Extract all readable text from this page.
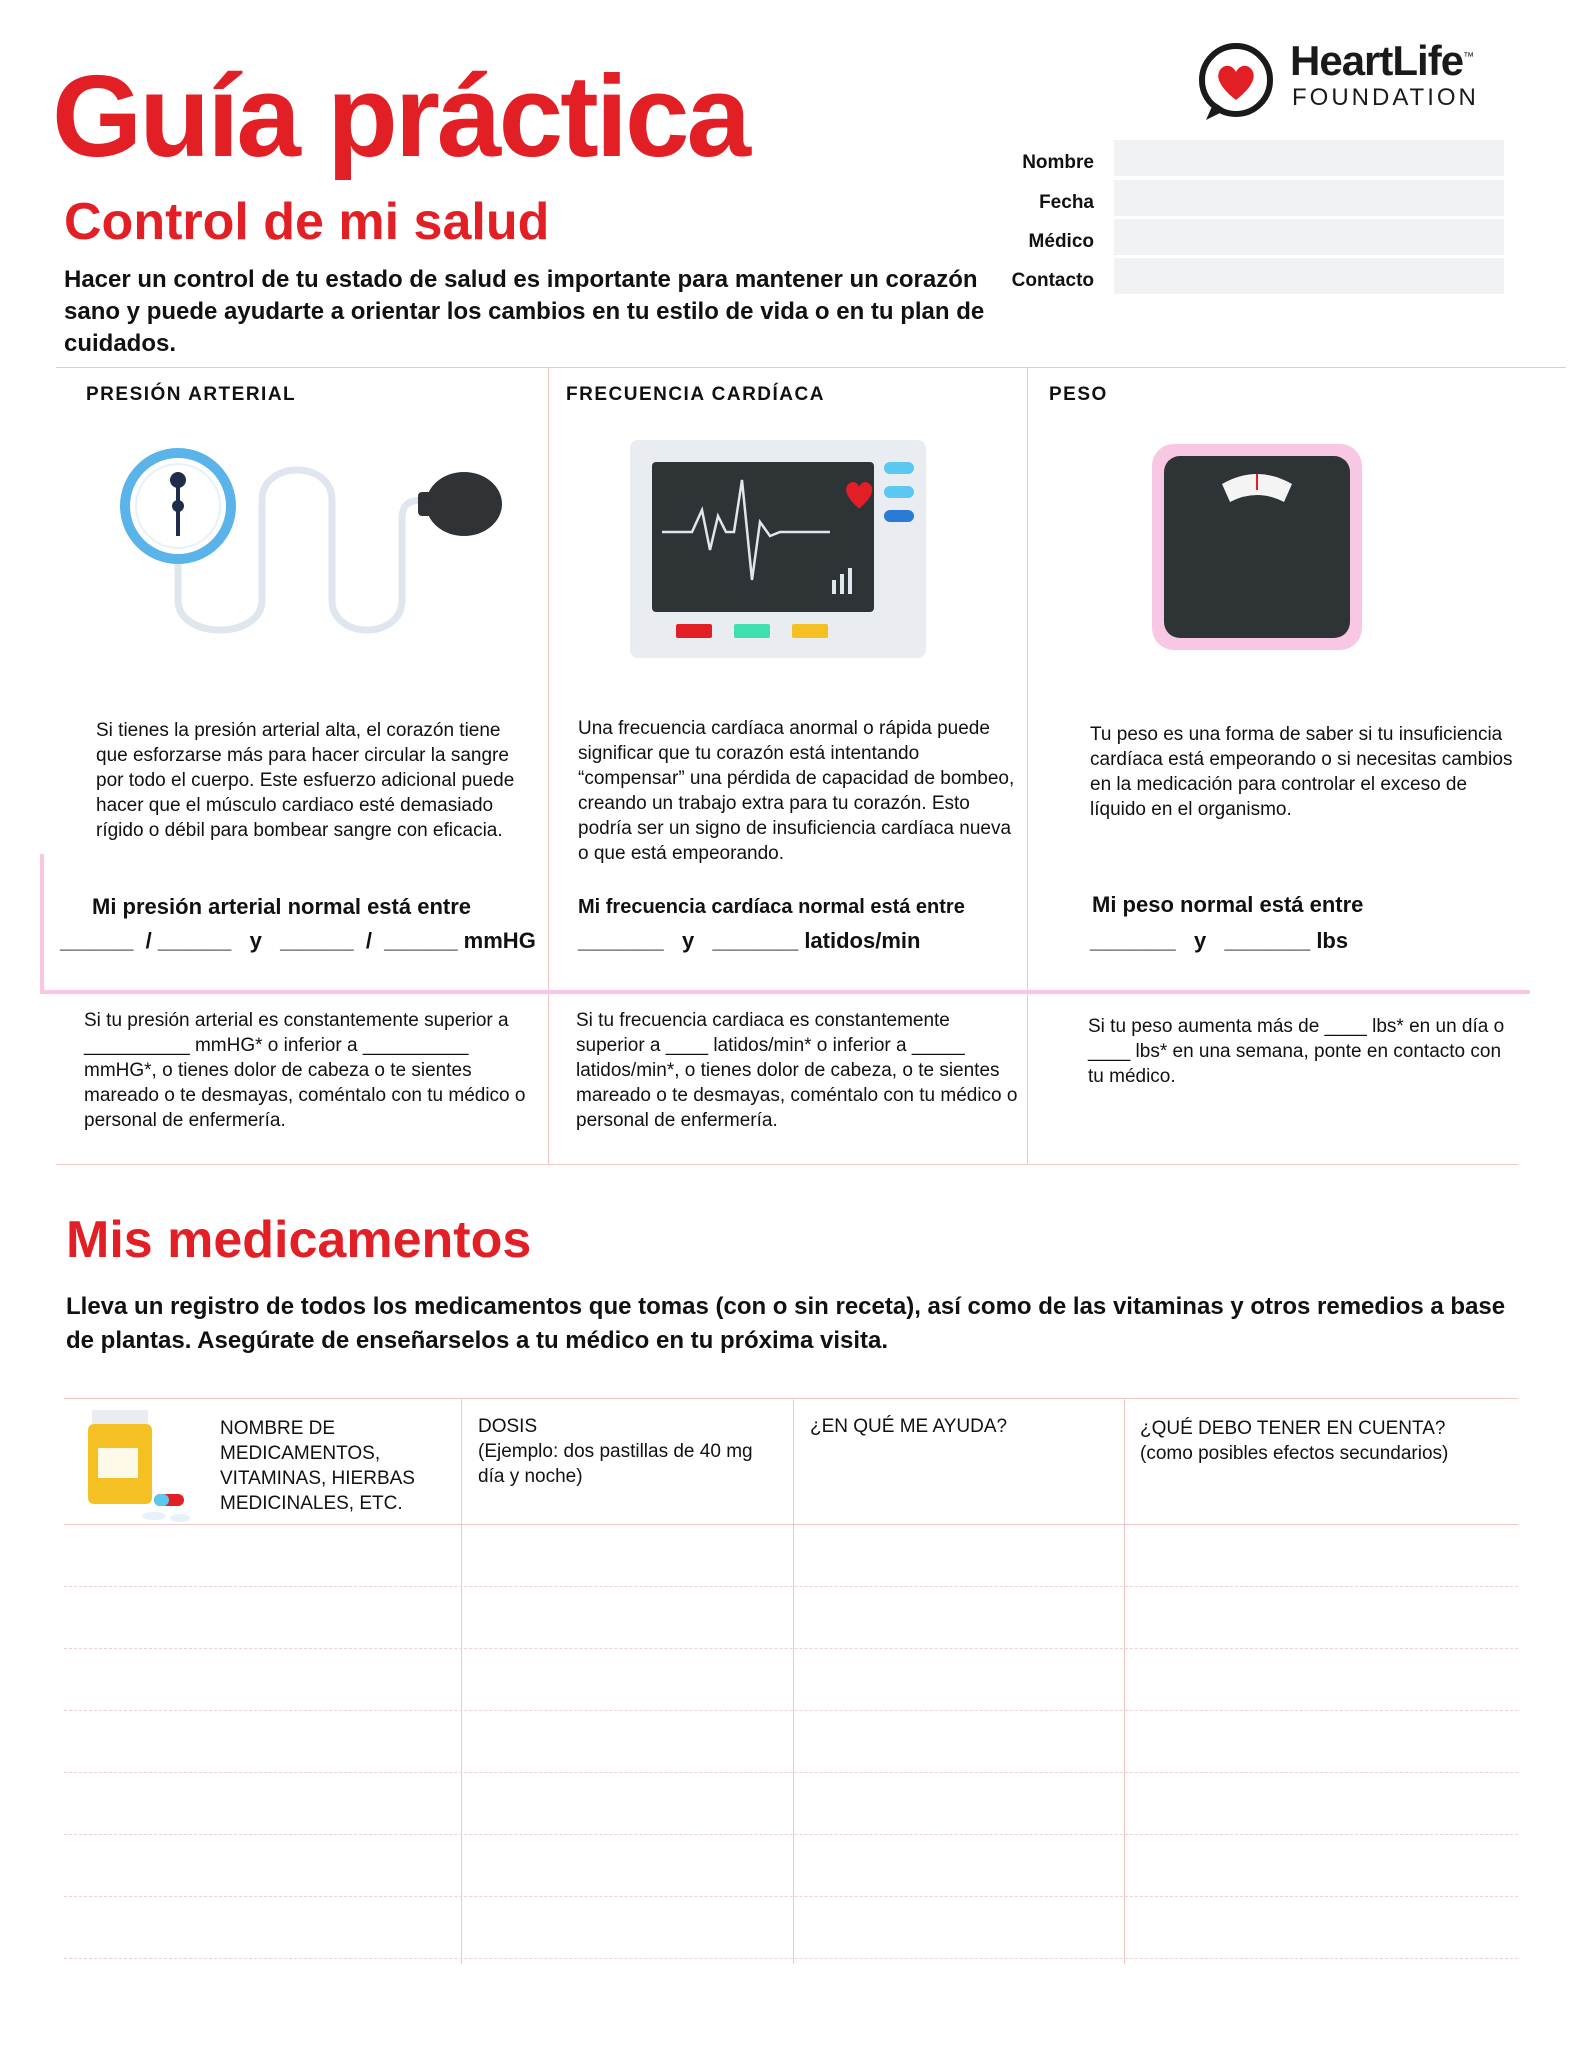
Guía práctica
Control de mi salud

Hacer un control de tu estado de salud es importante para mantener un corazón sano y puede ayudarte a orientar los cambios en tu estilo de vida o en tu plan de cuidados.

HeartLife™
FOUNDATION
Nombre
Fecha
Médico
Contacto
PRESIÓN ARTERIAL
Si tienes la presión arterial alta, el corazón tiene que esforzarse más para hacer circular la sangre por todo el cuerpo. Este esfuerzo adicional puede hacer que el músculo cardiaco esté demasiado rígido o débil para bombear sangre con eficacia.
Mi presión arterial normal está entre
______  / ______   y   ______  /  ______ mmHG
Si tu presión arterial es constantemente superior a __________ mmHG* o inferior a __________ mmHG*, o tienes dolor de cabeza o te sientes mareado o te desmayas, coméntalo con tu médico o personal de enfermería.
FRECUENCIA CARDÍACA
Una frecuencia cardíaca anormal o rápida puede significar que tu corazón está intentando “compensar” una pérdida de capacidad de bombeo, creando un trabajo extra para tu corazón. Esto podría ser un signo de insuficiencia cardíaca nueva o que está empeorando.
Mi frecuencia cardíaca normal está entre
_______   y   _______ latidos/min
Si tu frecuencia cardiaca es constantemente superior a ____ latidos/min* o inferior a _____ latidos/min*, o tienes dolor de cabeza, o te sientes mareado o te desmayas, coméntalo con tu médico o personal de enfermería.
PESO
Tu peso es una forma de saber si tu insuficiencia cardíaca está empeorando o si necesitas cambios en la medicación para controlar el exceso de líquido en el organismo.
Mi peso normal está entre
_______   y   _______ lbs
Si tu peso aumenta más de ____ lbs* en un día o ____ lbs* en una semana, ponte en contacto con tu médico.
Mis medicamentos

Lleva un registro de todos los medicamentos que tomas (con o sin receta), así como de las vitaminas y otros remedios a base de plantas. Asegúrate de enseñarselos a tu médico en tu próxima visita.

NOMBRE DE MEDICAMENTOS, VITAMINAS, HIERBAS MEDICINALES, ETC.
DOSIS
(Ejemplo: dos pastillas de 40 mg día y noche)
¿EN QUÉ ME AYUDA?	¿QUÉ DEBO TENER EN CUENTA?
(como posibles efectos secundarios)
